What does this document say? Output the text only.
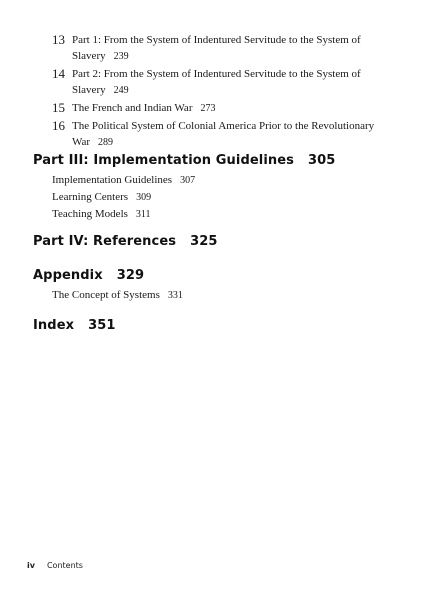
13 Part 1: From the System of Indentured Servitude to the System of Slavery 239
14 Part 2: From the System of Indentured Servitude to the System of Slavery 249
15 The French and Indian War 273
16 The Political System of Colonial America Prior to the Revolutionary War 289
Part III: Implementation Guidelines 305
Implementation Guidelines 307
Learning Centers 309
Teaching Models 311
Part IV: References 325
Appendix 329
The Concept of Systems 331
Index 351
iv Contents
